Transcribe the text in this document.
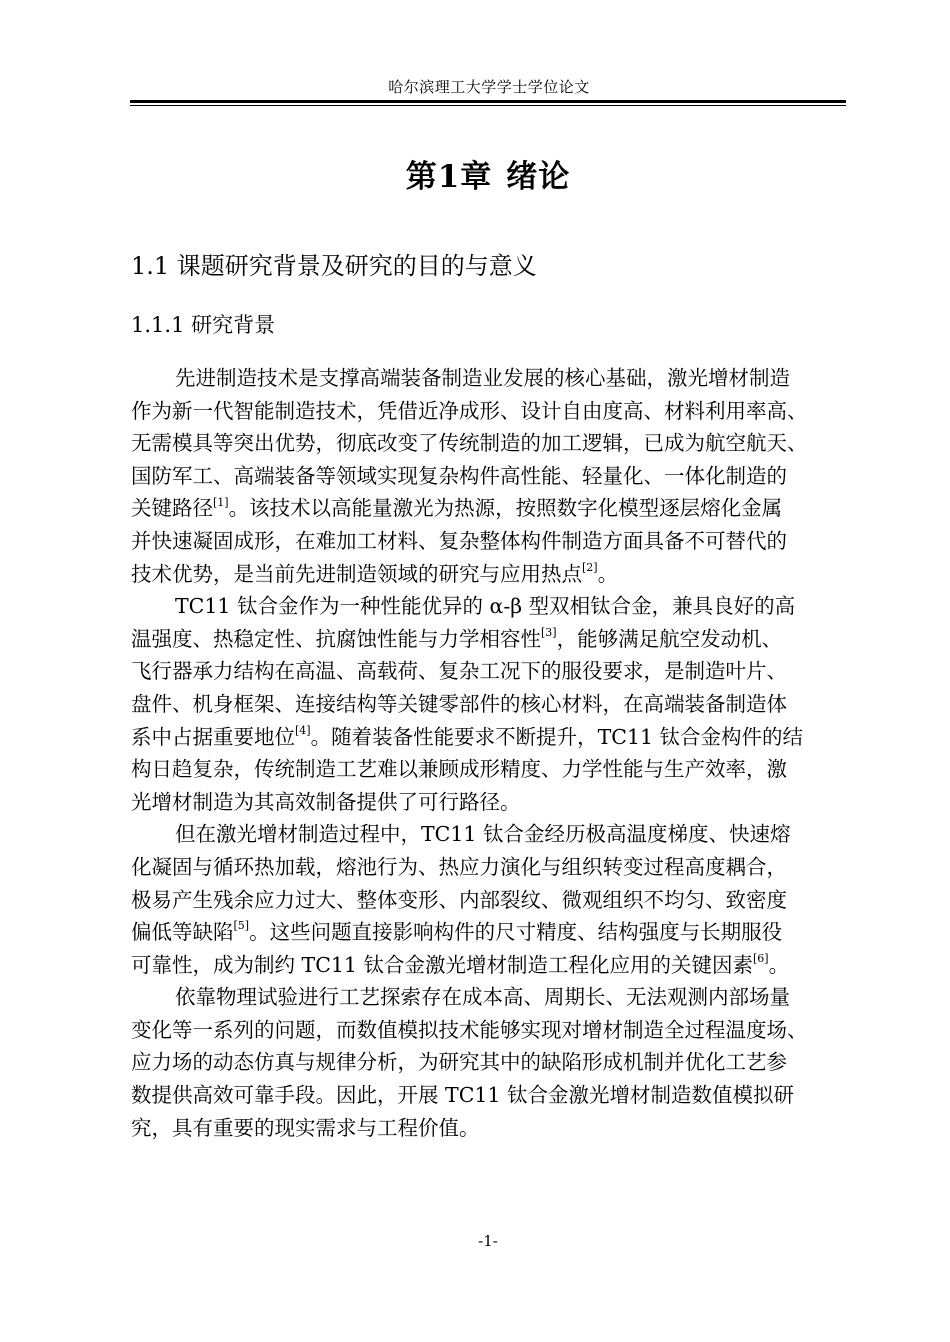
哈尔滨理工大学学士学位论文
第1章 绪论
1.1 课题研究背景及研究的目的与意义
1.1.1 研究背景
先进制造技术是支撑高端装备制造业发展的核心基础，激光增材制造
作为新一代智能制造技术，凭借近净成形、设计自由度高、材料利用率高、
无需模具等突出优势，彻底改变了传统制造的加工逻辑，已成为航空航天、
国防军工、高端装备等领域实现复杂构件高性能、轻量化、一体化制造的
关键路径[1]。该技术以高能量激光为热源，按照数字化模型逐层熔化金属
并快速凝固成形，在难加工材料、复杂整体构件制造方面具备不可替代的
技术优势，是当前先进制造领域的研究与应用热点[2]。
TC11 钛合金作为一种性能优异的 α-β 型双相钛合金，兼具良好的高
温强度、热稳定性、抗腐蚀性能与力学相容性[3]，能够满足航空发动机、
飞行器承力结构在高温、高载荷、复杂工况下的服役要求，是制造叶片、
盘件、机身框架、连接结构等关键零部件的核心材料，在高端装备制造体
系中占据重要地位[4]。随着装备性能要求不断提升，TC11 钛合金构件的结
构日趋复杂，传统制造工艺难以兼顾成形精度、力学性能与生产效率，激
光增材制造为其高效制备提供了可行路径。
但在激光增材制造过程中，TC11 钛合金经历极高温度梯度、快速熔
化凝固与循环热加载，熔池行为、热应力演化与组织转变过程高度耦合，
极易产生残余应力过大、整体变形、内部裂纹、微观组织不均匀、致密度
偏低等缺陷[5]。这些问题直接影响构件的尺寸精度、结构强度与长期服役
可靠性，成为制约 TC11 钛合金激光增材制造工程化应用的关键因素[6]。
依靠物理试验进行工艺探索存在成本高、周期长、无法观测内部场量
变化等一系列的问题，而数值模拟技术能够实现对增材制造全过程温度场、
应力场的动态仿真与规律分析，为研究其中的缺陷形成机制并优化工艺参
数提供高效可靠手段。因此，开展 TC11 钛合金激光增材制造数值模拟研
究，具有重要的现实需求与工程价值。
-1-
